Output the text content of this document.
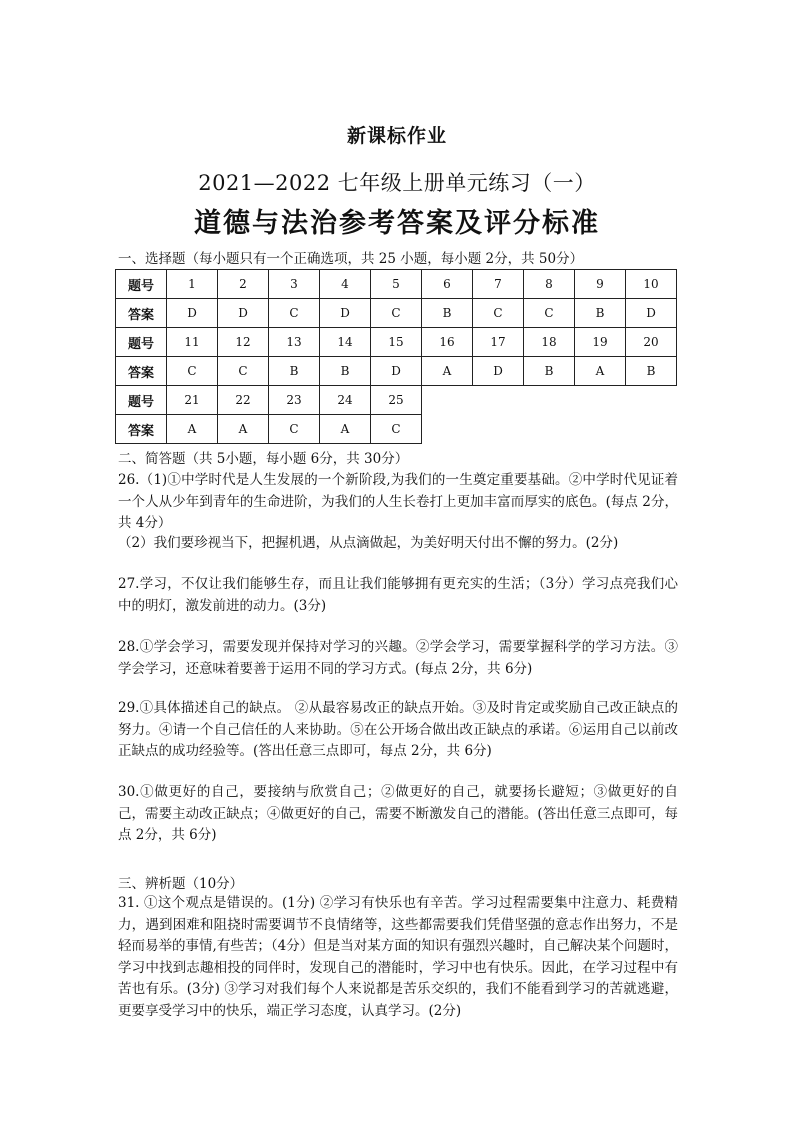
新课标作业
2021—2022 七年级上册单元练习（一）
道德与法治参考答案及评分标准
一、选择题（每小题只有一个正确选项，共 25 小题，每小题 2分，共 50分）
题号	1	2	3	4	5	6	7	8	9	10
答案	D	D	C	D	C	B	C	C	B	D
题号	11	12	13	14	15	16	17	18	19	20
答案	C	C	B	B	D	A	D	B	A	B
题号	21	22	23	24	25					
答案	A	A	C	A	C					
二、简答题（共 5小题，每小题 6分，共 30分）

26.（1)①中学时代是人生发展的一个新阶段,为我们的一生奠定重要基础。②中学时代见证着一个人从少年到青年的生命进阶，为我们的人生长卷打上更加丰富而厚实的底色。(每点 2分，共 4分）

（2）我们要珍视当下，把握机遇，从点滴做起，为美好明天付出不懈的努力。(2分)

27.学习，不仅让我们能够生存，而且让我们能够拥有更充实的生活；（3分）学习点亮我们心中的明灯，激发前进的动力。(3分)

28.①学会学习，需要发现并保持对学习的兴趣。②学会学习，需要掌握科学的学习方法。③学会学习，还意味着要善于运用不同的学习方式。(每点 2分，共 6分)

29.①具体描述自己的缺点。 ②从最容易改正的缺点开始。③及时肯定或奖励自己改正缺点的努力。④请一个自己信任的人来协助。⑤在公开场合做出改正缺点的承诺。⑥运用自己以前改正缺点的成功经验等。(答出任意三点即可，每点 2分，共 6分)

30.①做更好的自己，要接纳与欣赏自己；②做更好的自己，就要扬长避短；③做更好的自己，需要主动改正缺点；④做更好的自己，需要不断激发自己的潜能。(答出任意三点即可，每点 2分，共 6分)

三、辨析题（10分）

31. ①这个观点是错误的。(1分) ②学习有快乐也有辛苦。学习过程需要集中注意力、耗费精力，遇到困难和阻挠时需要调节不良情绪等，这些都需要我们凭借坚强的意志作出努力，不是轻而易举的事情,有些苦；（4分）但是当对某方面的知识有强烈兴趣时，自己解决某个问题时，学习中找到志趣相投的同伴时，发现自己的潜能时，学习中也有快乐。因此，在学习过程中有苦也有乐。(3分) ③学习对我们每个人来说都是苦乐交织的，我们不能看到学习的苦就逃避，更要享受学习中的快乐，端正学习态度，认真学习。(2分)
